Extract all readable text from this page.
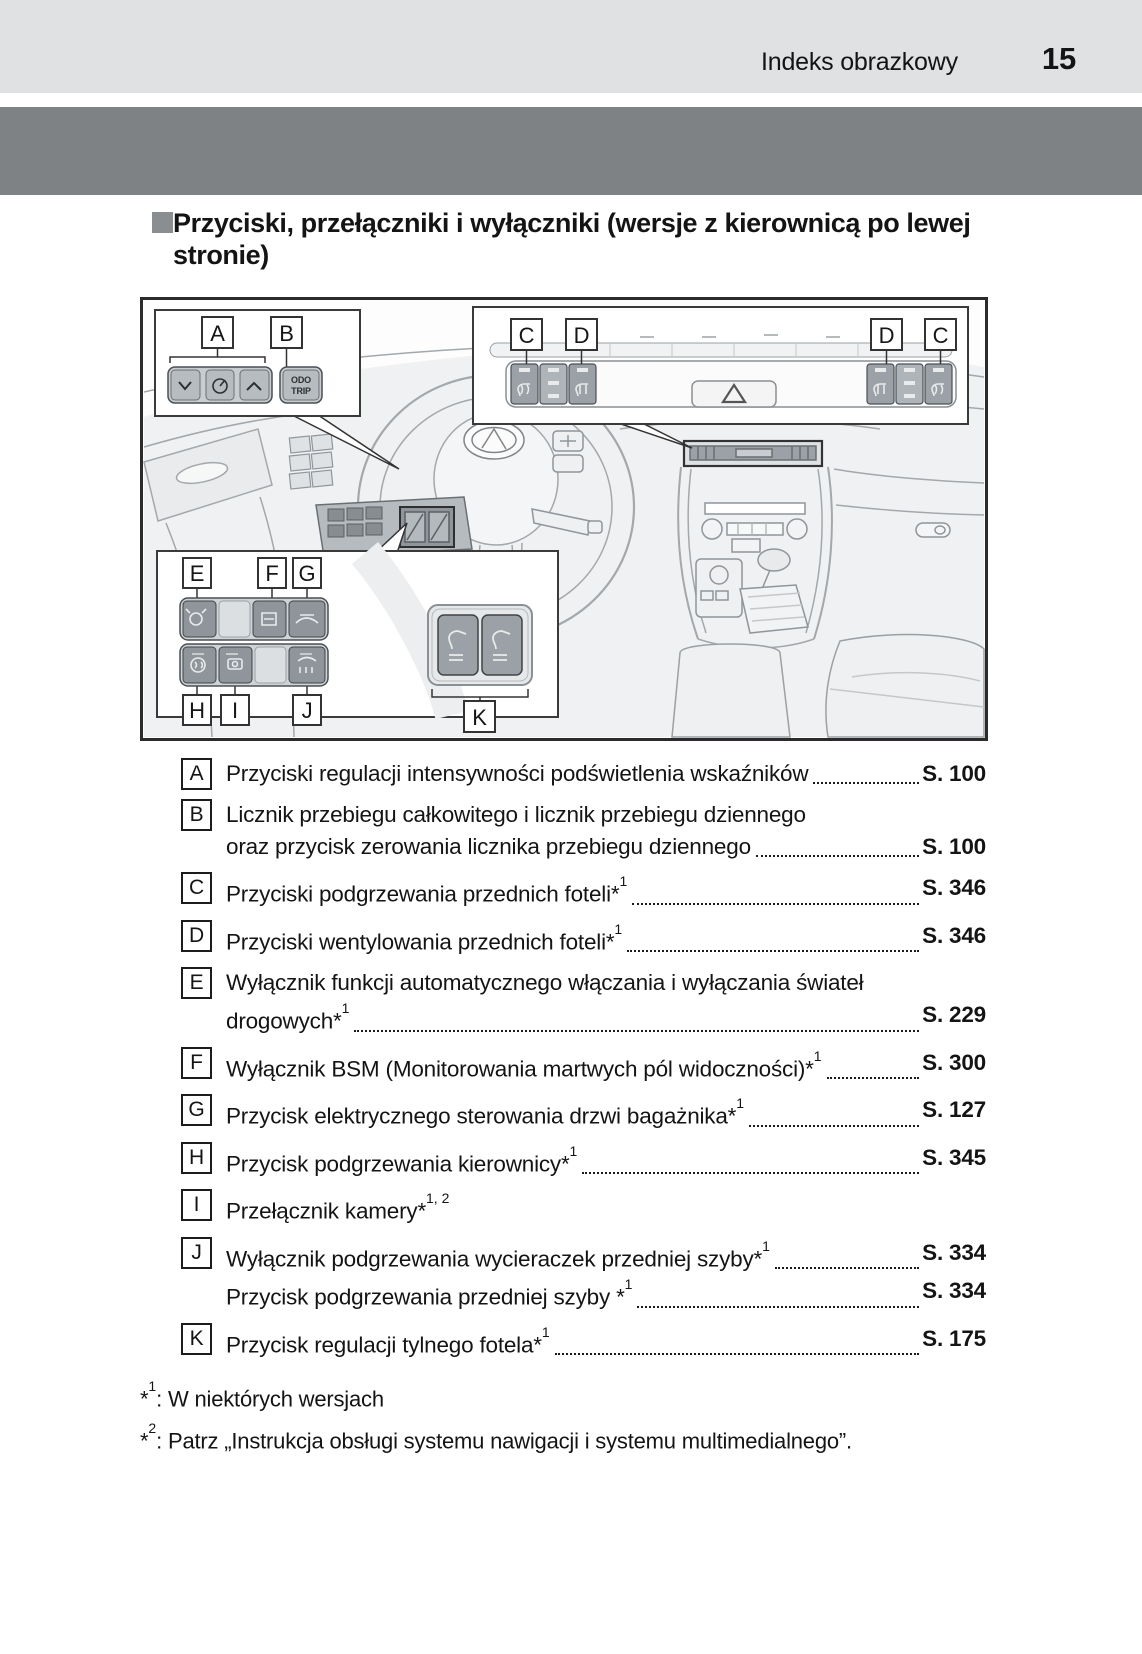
Indeks obrazkowy	15
Przyciski, przełączniki i wyłączniki (wersje z kierownicą po lewej stronie)
ODO
TRIP
A B	C D	D C
E	F G
H I	J	K
A	Przyciski regulacji intensywności podświetlenia wskaźników	S. 100
B	Licznik przebiegu całkowitego i licznik przebiegu dziennego
oraz przycisk zerowania licznika przebiegu dziennego	S. 100
C Przyciski podgrzewania przednich foteli*$^1$	S. 346
D Przyciski wentylowania przednich foteli*$^1$	S. 346
E	Wyłącznik funkcji automatycznego włączania i wyłączania świateł
drogowych*$^1$	S. 229
F	Wyłącznik BSM (Monitorowania martwych pól widoczności)*$^1$	S. 300
G Przycisk elektrycznego sterowania drzwi bagażnika*$^1$	S. 127
H Przycisk podgrzewania kierownicy*$^1$	S. 345
I	Przełącznik kamery*$^{1, 2}$
J	Wyłącznik podgrzewania wycieraczek przedniej szyby*$^1$	S. 334
Przycisk podgrzewania przedniej szyby *$^1$	S. 334
K	Przycisk regulacji tylnego fotela*$^1$	S. 175
*$^1$: W niektórych wersjach
*$^2$: Patrz „Instrukcja obsługi systemu nawigacji i systemu multimedialnego”.
